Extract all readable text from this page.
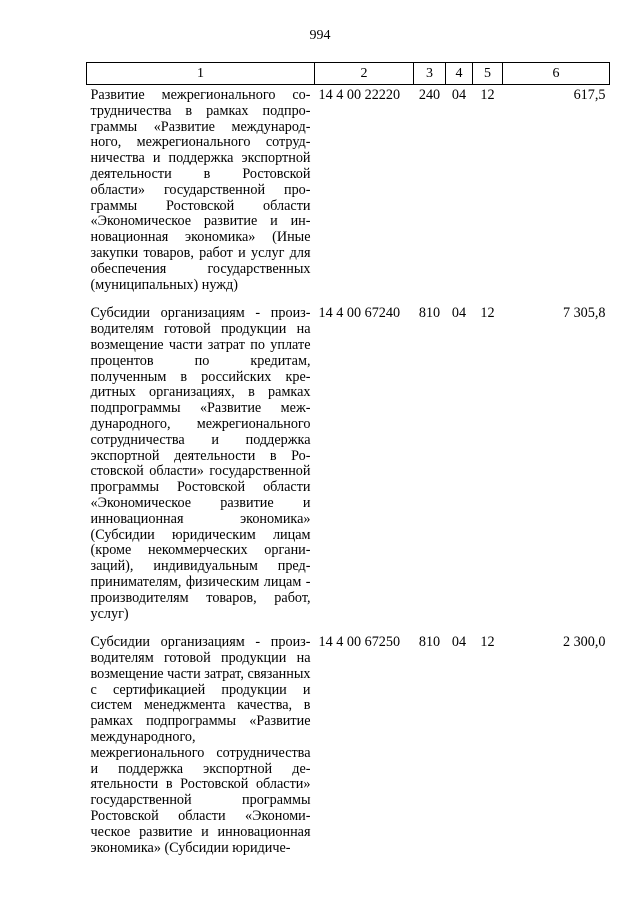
994
1	2	3	4	5	6
Развитие межрегионального сотрудничества в рамках подпрограммы «Развитие международного, межрегионального сотрудничества и поддержка экспортной деятельности в Ростовской области» государственной программы Ростовской области «Экономическое развитие и инновационная экономика» (Иные закупки товаров, работ и услуг для обеспечения государственных (муниципальных) нужд)	14 4 00 22220	240	04	12	617,5
Субсидии организациям - производителям готовой продукции на возмещение части затрат по уплате процентов по кредитам, полученным в российских кредитных организациях, в рамках подпрограммы «Развитие международного, межрегионального сотрудничества и поддержка экспортной деятельности в Ростовской области» государственной программы Ростовской области «Экономическое развитие и инновационная экономика» (Субсидии юридическим лицам (кроме некоммерческих организаций), индивидуальным предпринимателям, физическим лицам - производителям товаров, работ, услуг)	14 4 00 67240	810	04	12	7 305,8
Субсидии организациям - производителям готовой продукции на возмещение части затрат, связанных с сертификацией продукции и систем менеджмента качества, в рамках подпрограммы «Развитие международного, межрегионального сотрудничества и поддержка экспортной деятельности в Ростовской области» государственной программы Ростовской области «Экономическое развитие и инновационная экономика» (Субсидии юридиче-	14 4 00 67250	810	04	12	2 300,0
